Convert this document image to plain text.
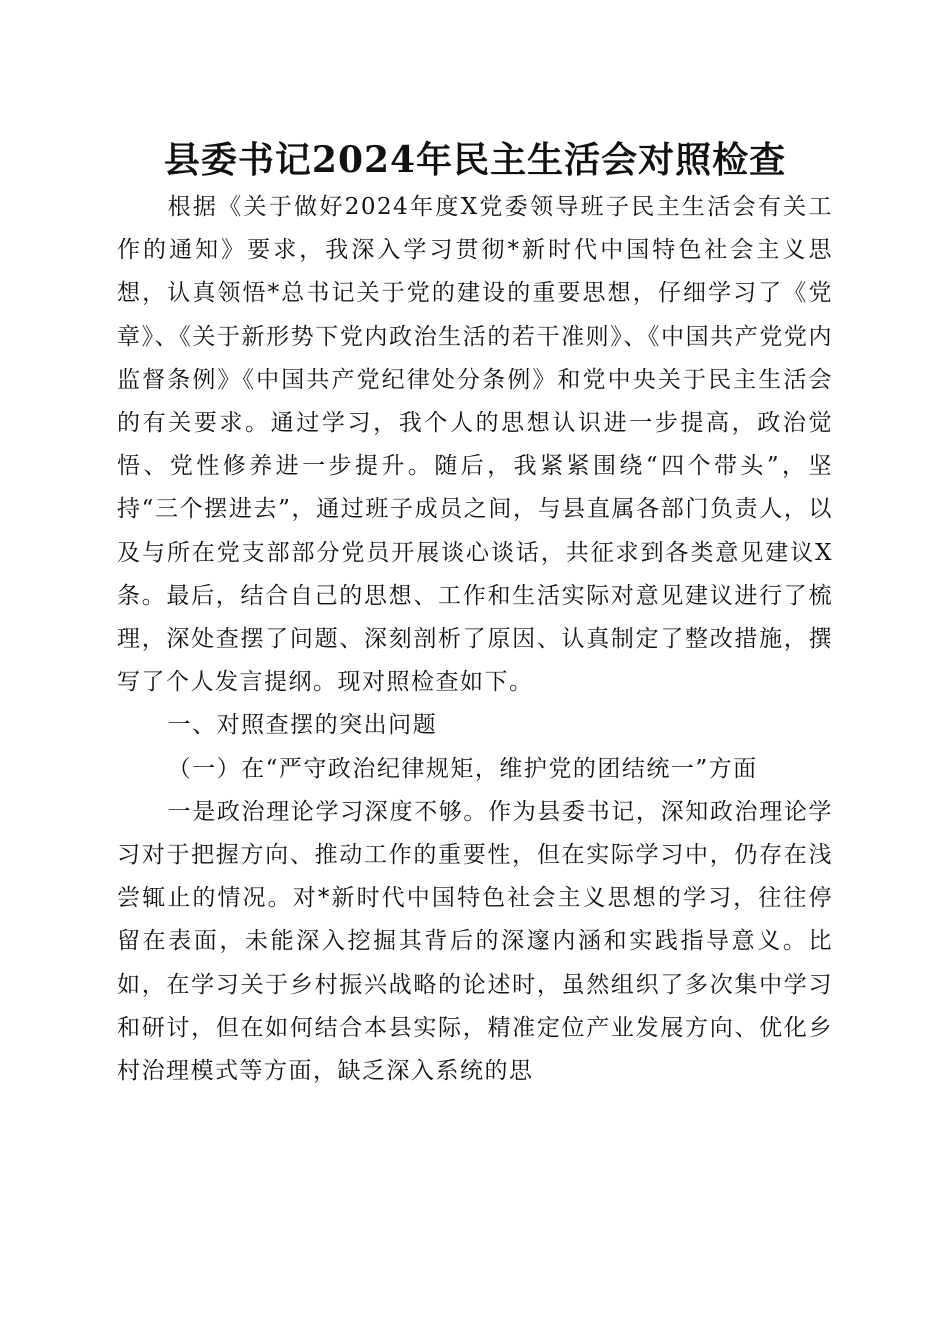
县委书记2024年民主生活会对照检查

根据《关于做好2024年度X党委领导班子民主生活会有关工作的通知》要求，我深入学习贯彻*新时代中国特色社会主义思想，认真领悟*总书记关于党的建设的重要思想，仔细学习了《党章》、《关于新形势下党内政治生活的若干准则》、《中国共产党党内监督条例》《中国共产党纪律处分条例》和党中央关于民主生活会的有关要求。通过学习，我个人的思想认识进一步提高，政治觉悟、党性修养进一步提升。随后，我紧紧围绕“四个带头”，坚持“三个摆进去”，通过班子成员之间，与县直属各部门负责人，以及与所在党支部部分党员开展谈心谈话，共征求到各类意见建议X条。最后，结合自己的思想、工作和生活实际对意见建议进行了梳理，深处查摆了问题、深刻剖析了原因、认真制定了整改措施，撰写了个人发言提纲。现对照检查如下。

一、对照查摆的突出问题

（一）在“严守政治纪律规矩，维护党的团结统一”方面

一是政治理论学习深度不够。作为县委书记，深知政治理论学习对于把握方向、推动工作的重要性，但在实际学习中，仍存在浅尝辄止的情况。对*新时代中国特色社会主义思想的学习，往往停留在表面，未能深入挖掘其背后的深邃内涵和实践指导意义。比如，在学习关于乡村振兴战略的论述时，虽然组织了多次集中学习和研讨，但在如何结合本县实际，精准定位产业发展方向、优化乡村治理模式等方面，缺乏深入系统的思
